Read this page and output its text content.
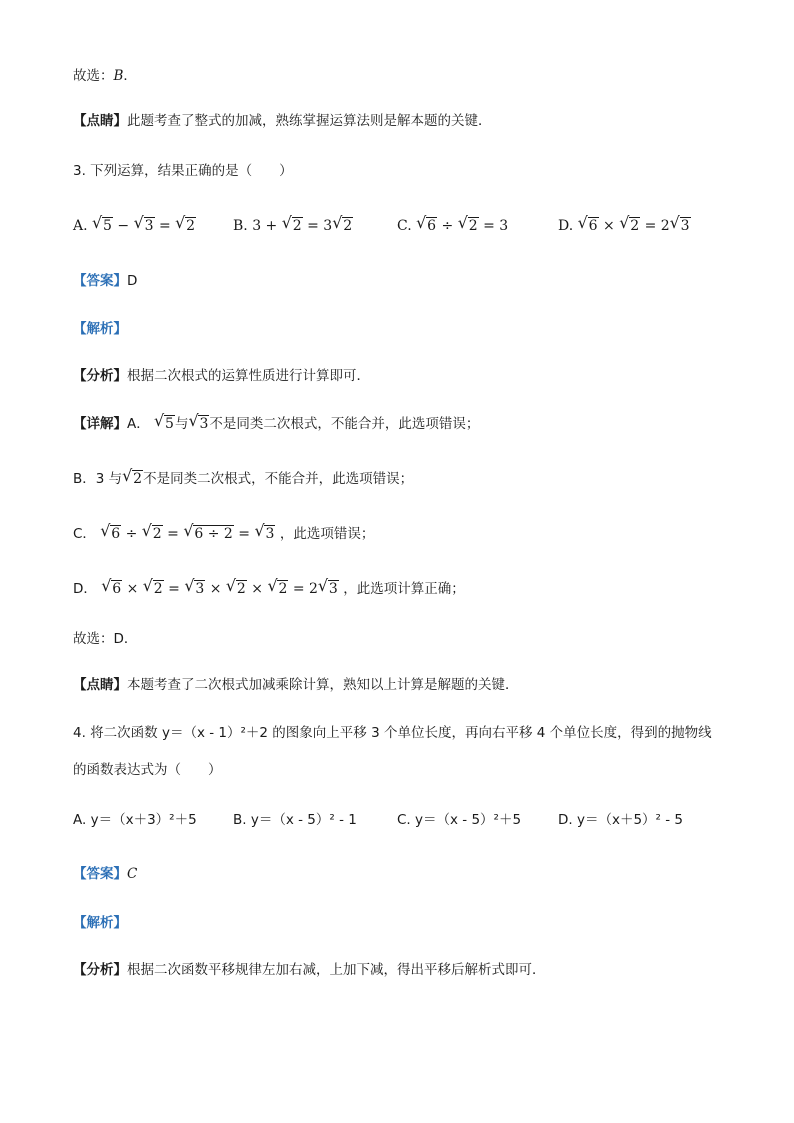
故选：B．
【点睛】此题考查了整式的加减，熟练掌握运算法则是解本题的关键．
3. 下列运算，结果正确的是（　　）
A. √ 5 − √ 3 = √ 2	B. 3 + √ 2 = 3 √ 2	C. √ 6 ÷ √ 2 = 3	D. √ 6 × √ 2 = 2 √ 3
【答案】D
【解析】
【分析】根据二次根式的运算性质进行计算即可．
【详解】A． √ 5与 √ 3不是同类二次根式，不能合并，此选项错误；
B．3 与 √ 2不是同类二次根式，不能合并，此选项错误；
C． √ 6 ÷ √ 2 = √ 6 ÷ 2 = √ 3 ，此选项错误；
D． √ 6 × √ 2 = √ 3 × √ 2 × √ 2 = 2 √ 3 ，此选项计算正确；
故选：D．
【点睛】本题考查了二次根式加减乘除计算，熟知以上计算是解题的关键．
4. 将二次函数 y＝（x - 1）²＋2 的图象向上平移 3 个单位长度，再向右平移 4 个单位长度，得到的抛物线
的函数表达式为（　　）
A. y＝（x＋3）²＋5	B. y＝（x - 5）² - 1	C. y＝（x - 5）²＋5	D. y＝（x＋5）² - 5
【答案】C
【解析】
【分析】根据二次函数平移规律左加右减，上加下减，得出平移后解析式即可．
